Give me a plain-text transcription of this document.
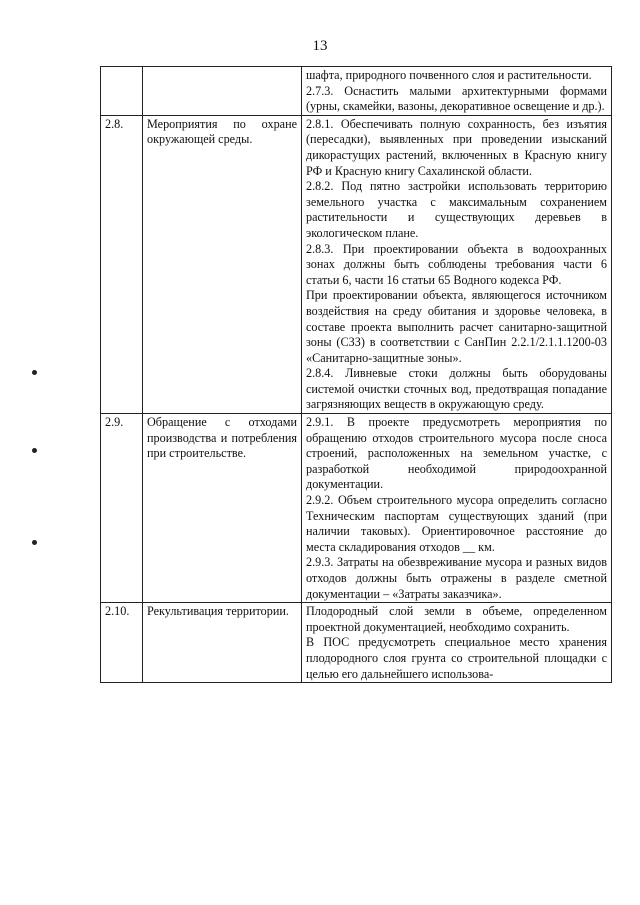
13

		шафта, природного почвенного слоя и растительности.

2.7.3. Оснастить малыми архитектурными формами (урны, скамейки, вазоны, декоративное освещение и др.).

2.8.	Мероприятия по охране окружающей среды.	2.8.1. Обеспечивать полную сохранность, без изъятия (пересадки), выявленных при проведении изысканий дикорастущих растений, включенных в Красную книгу РФ и Красную книгу Сахалинской области.

2.8.2. Под пятно застройки использовать территорию земельного участка с максимальным сохранением растительности и существующих деревьев в экологическом плане.

2.8.3. При проектировании объекта в водоохранных зонах должны быть соблюдены требования части 6 статьи 6, части 16 статьи 65 Водного кодекса РФ.

При проектировании объекта, являющегося источником воздействия на среду обитания и здоровье человека, в составе проекта выполнить расчет санитарно-защитной зоны (СЗЗ) в соответствии с СанПин 2.2.1/2.1.1.1200-03 «Санитарно-защитные зоны».

2.8.4. Ливневые стоки должны быть оборудованы системой очистки сточных вод, предотвращая попадание загрязняющих веществ в окружающую среду.

2.9.	Обращение с отходами производства и потребления при строительстве.	2.9.1. В проекте предусмотреть мероприятия по обращению отходов строительного мусора после сноса строений, расположенных на земельном участке, с разработкой необходимой природоохранной документации.

2.9.2. Объем строительного мусора определить согласно Техническим паспортам существующих зданий (при наличии таковых). Ориентировочное расстояние до места складирования отходов __ км.

2.9.3. Затраты на обезвреживание мусора и разных видов отходов должны быть отражены в разделе сметной документации – «Затраты заказчика».

2.10.	Рекультивация территории.	Плодородный слой земли в объеме, определенном проектной документацией, необходимо сохранить.

В ПОС предусмотреть специальное место хранения плодородного слоя грунта со строительной площадки с целью его дальнейшего использова-
